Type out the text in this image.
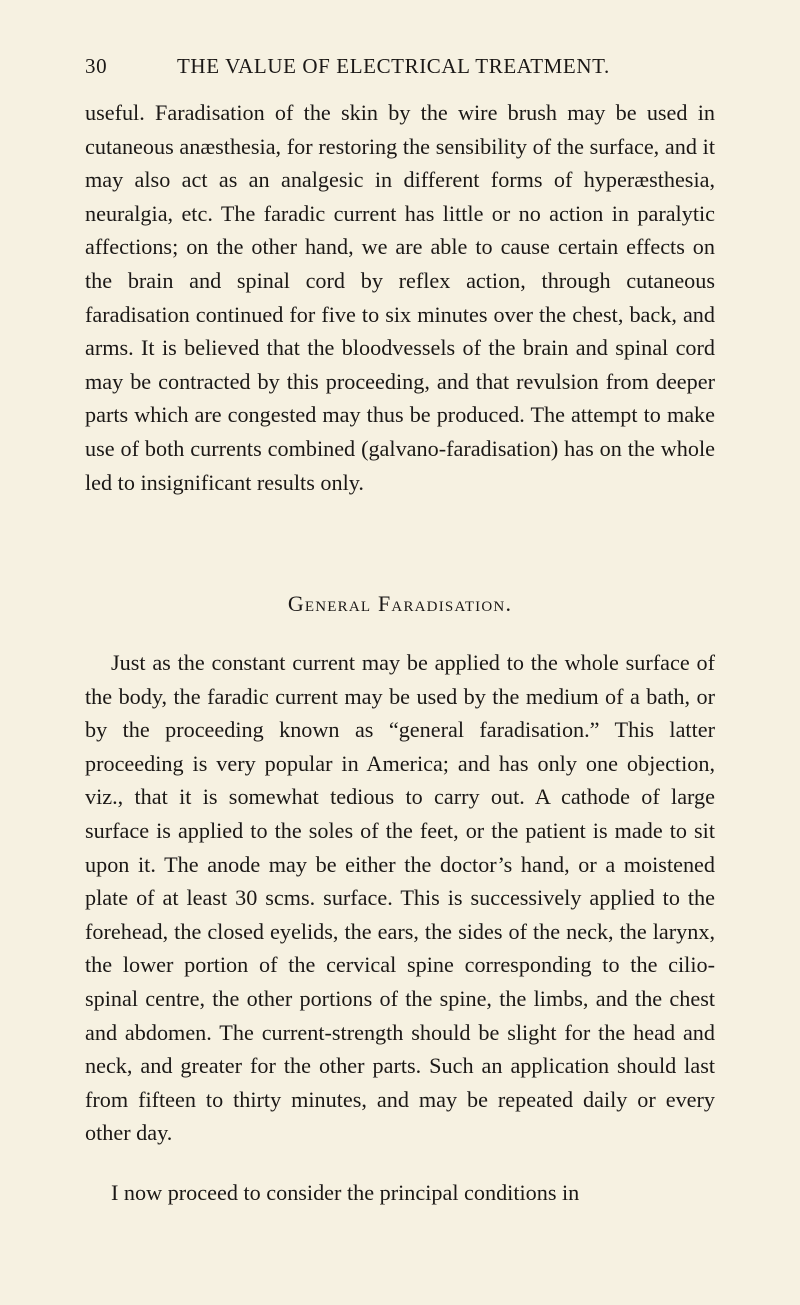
30	THE VALUE OF ELECTRICAL TREATMENT.

useful. Faradisation of the skin by the wire brush may be used in cutaneous anæsthesia, for restoring the sensibility of the surface, and it may also act as an analgesic in different forms of hyperæsthesia, neuralgia, etc. The faradic current has little or no action in paralytic affections; on the other hand, we are able to cause certain effects on the brain and spinal cord by reflex action, through cutaneous faradisation continued for five to six minutes over the chest, back, and arms. It is believed that the bloodvessels of the brain and spinal cord may be contracted by this proceeding, and that revulsion from deeper parts which are congested may thus be produced. The attempt to make use of both currents combined (galvano-faradisation) has on the whole led to insignificant results only.

General Faradisation.

Just as the constant current may be applied to the whole surface of the body, the faradic current may be used by the medium of a bath, or by the proceeding known as “general faradisation.” This latter proceeding is very popular in America; and has only one objection, viz., that it is somewhat tedious to carry out. A cathode of large surface is applied to the soles of the feet, or the patient is made to sit upon it. The anode may be either the doctor’s hand, or a moistened plate of at least 30 scms. surface. This is successively applied to the forehead, the closed eyelids, the ears, the sides of the neck, the larynx, the lower portion of the cervical spine corresponding to the cilio-spinal centre, the other portions of the spine, the limbs, and the chest and abdomen. The current-strength should be slight for the head and neck, and greater for the other parts. Such an application should last from fifteen to thirty minutes, and may be repeated daily or every other day.

I now proceed to consider the principal conditions in
